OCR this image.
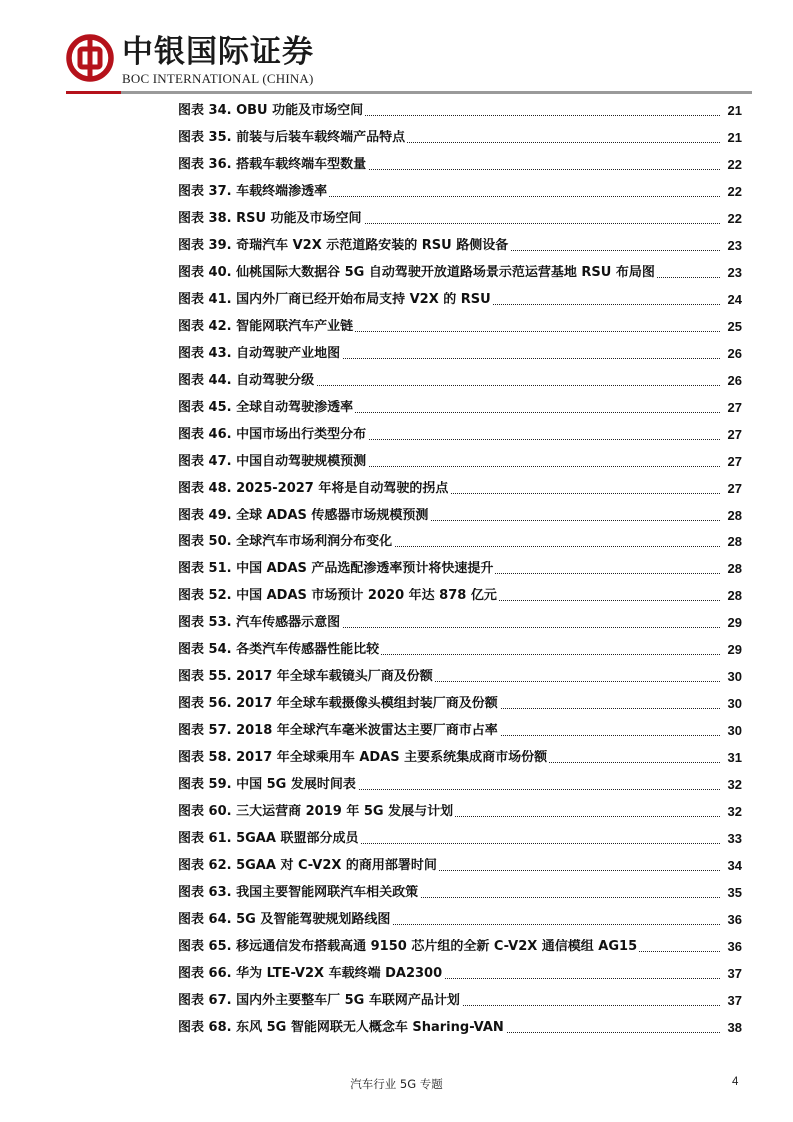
中银国际证券
BOC INTERNATIONAL (CHINA)
图表 34. OBU 功能及市场空间	21
图表 35. 前装与后装车载终端产品特点	21
图表 36. 搭载车载终端车型数量	22
图表 37. 车载终端渗透率	22
图表 38. RSU 功能及市场空间	22
图表 39. 奇瑞汽车 V2X 示范道路安装的 RSU 路侧设备	23
图表 40. 仙桃国际大数据谷 5G 自动驾驶开放道路场景示范运营基地 RSU 布局图	23
图表 41. 国内外厂商已经开始布局支持 V2X 的 RSU	24
图表 42. 智能网联汽车产业链	25
图表 43. 自动驾驶产业地图	26
图表 44. 自动驾驶分级	26
图表 45. 全球自动驾驶渗透率	27
图表 46. 中国市场出行类型分布	27
图表 47. 中国自动驾驶规模预测	27
图表 48. 2025-2027 年将是自动驾驶的拐点	27
图表 49. 全球 ADAS 传感器市场规模预测	28
图表 50. 全球汽车市场利润分布变化	28
图表 51. 中国 ADAS 产品选配渗透率预计将快速提升	28
图表 52. 中国 ADAS 市场预计 2020 年达 878 亿元	28
图表 53. 汽车传感器示意图	29
图表 54. 各类汽车传感器性能比较	29
图表 55. 2017 年全球车载镜头厂商及份额	30
图表 56. 2017 年全球车载摄像头模组封装厂商及份额	30
图表 57. 2018 年全球汽车毫米波雷达主要厂商市占率	30
图表 58. 2017 年全球乘用车 ADAS 主要系统集成商市场份额	31
图表 59. 中国 5G 发展时间表	32
图表 60. 三大运营商 2019 年 5G 发展与计划	32
图表 61. 5GAA 联盟部分成员	33
图表 62. 5GAA 对 C-V2X 的商用部署时间	34
图表 63. 我国主要智能网联汽车相关政策	35
图表 64. 5G 及智能驾驶规划路线图	36
图表 65. 移远通信发布搭载高通 9150 芯片组的全新 C-V2X 通信模组 AG15	36
图表 66. 华为 LTE-V2X 车载终端 DA2300	37
图表 67. 国内外主要整车厂 5G 车联网产品计划	37
图表 68. 东风 5G 智能网联无人概念车 Sharing-VAN	38
汽车行业 5G 专题	4
